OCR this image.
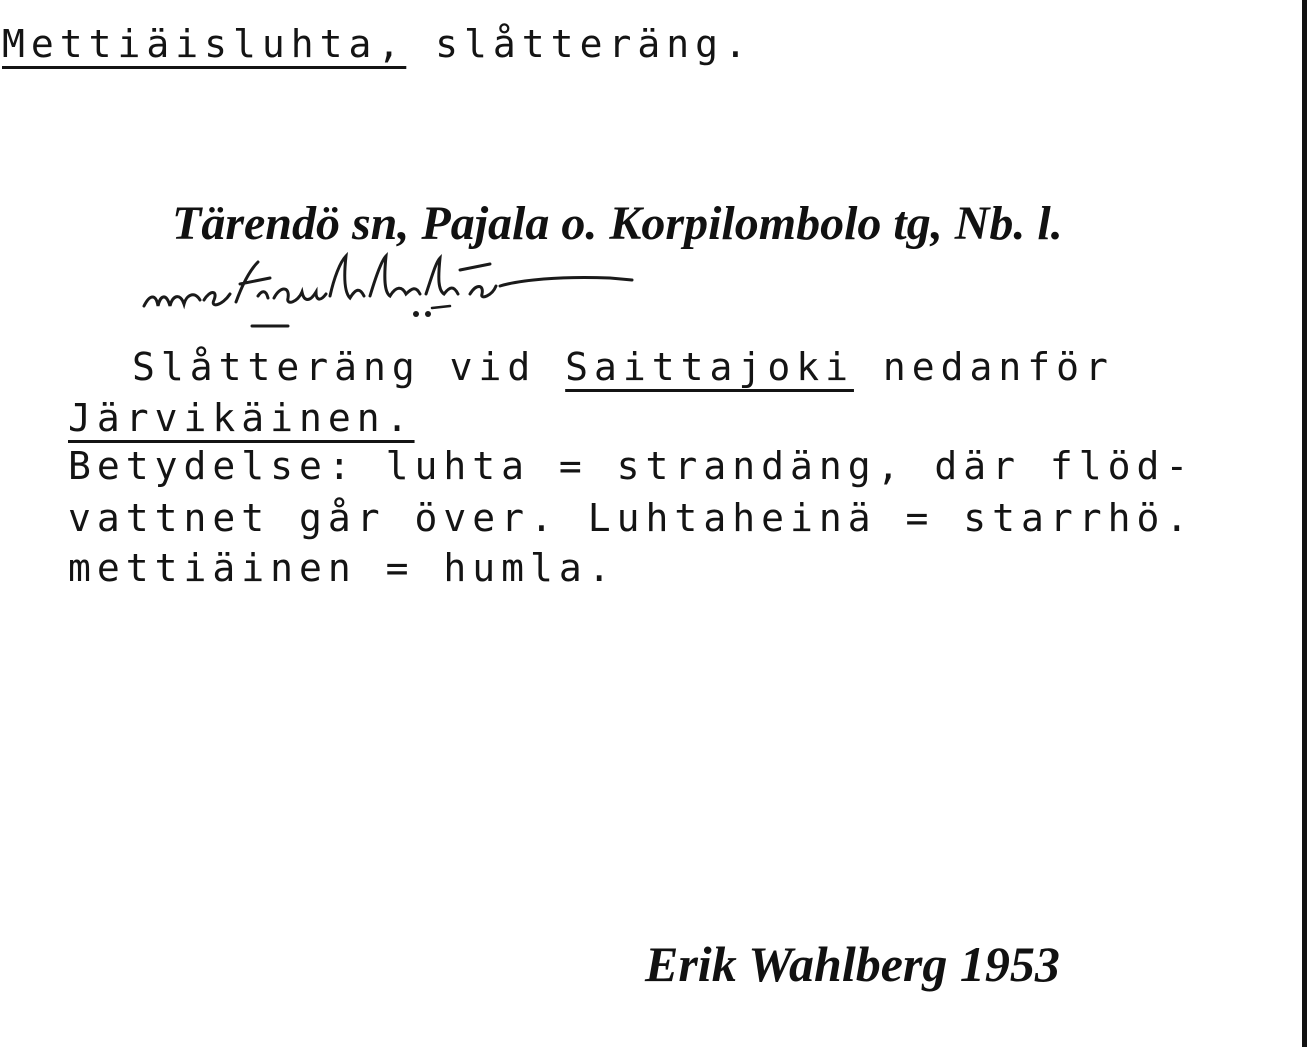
Mettiäisluhta, slåtteräng.
Tärendö sn, Pajala o. Korpilombolo tg, Nb. l.
Slåtteräng vid Saittajoki nedanför
Järvikäinen.
Betydelse: luhta = strandäng, där flöd-
vattnet går över. Luhtaheinä = starrhö.
mettiäinen = humla.
Erik Wahlberg 1953
